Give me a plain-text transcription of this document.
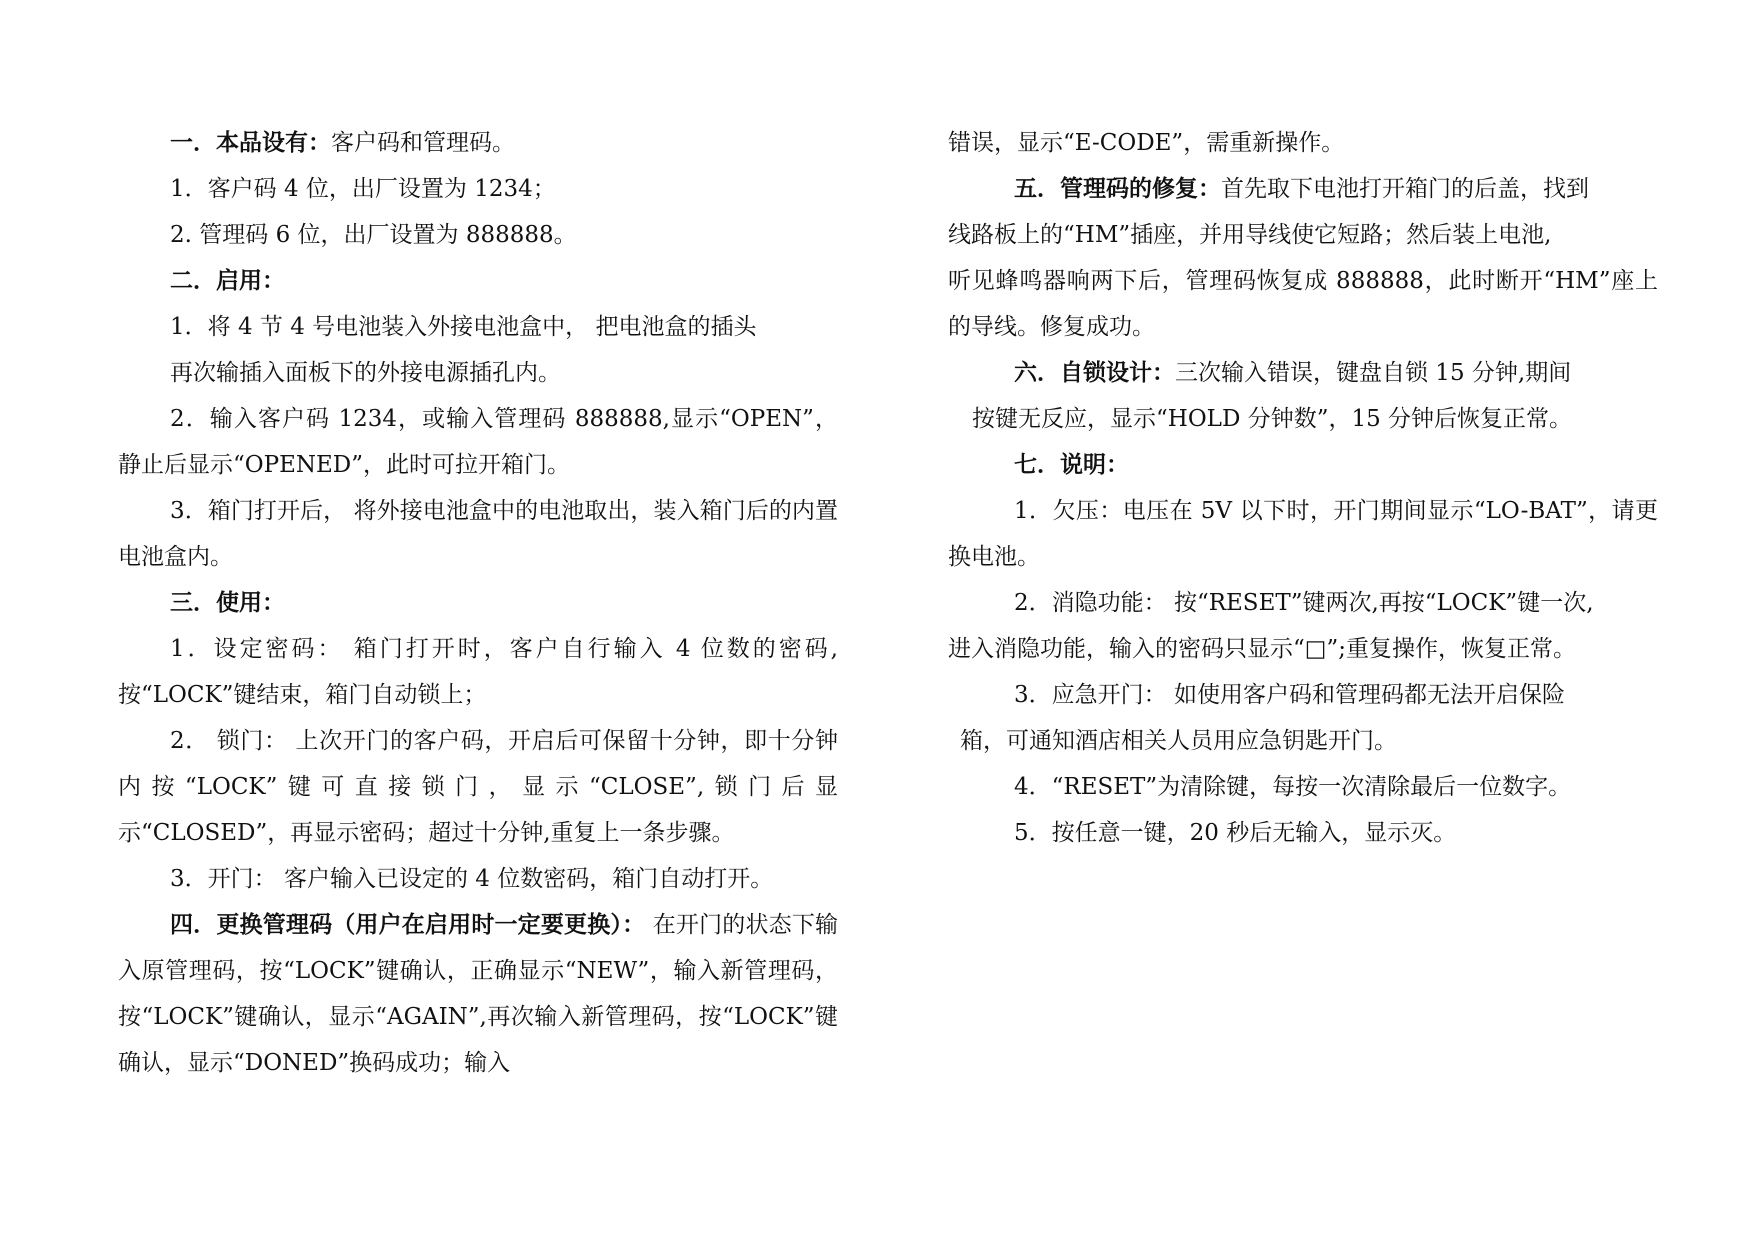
一．本品设有：客户码和管理码。

1．客户码 4 位，出厂设置为 1234；

2. 管理码 6 位，出厂设置为 888888。

二．启用：

1．将 4 节 4 号电池装入外接电池盒中， 把电池盒的插头

再次输插入面板下的外接电源插孔内。

2．输入客户码 1234，或输入管理码 888888,显示“OPEN”，静止后显示“OPENED”，此时可拉开箱门。

3．箱门打开后， 将外接电池盒中的电池取出，装入箱门后的内置电池盒内。

三．使用：

1．设定密码： 箱门打开时，客户自行输入 4 位数的密码,按“LOCK”键结束，箱门自动锁上；

2． 锁门： 上次开门的客户码，开启后可保留十分钟，即十分钟内按“LOCK”键可直接锁门，显示“CLOSE”,锁门后显示“CLOSED”，再显示密码；超过十分钟,重复上一条步骤。

3．开门： 客户输入已设定的 4 位数密码，箱门自动打开。

四．更换管理码（用户在启用时一定要更换）： 在开门的状态下输入原管理码，按“LOCK”键确认，正确显示“NEW”，输入新管理码，按“LOCK”键确认，显示“AGAIN”,再次输入新管理码，按“LOCK”键确认，显示“DONED”换码成功；输入

错误，显示“E-CODE”，需重新操作。

五．管理码的修复：首先取下电池打开箱门的后盖，找到

线路板上的“HM”插座，并用导线使它短路；然后装上电池,

听见蜂鸣器响两下后，管理码恢复成 888888，此时断开“HM”座上的导线。修复成功。

六．自锁设计：三次输入错误，键盘自锁 15 分钟,期间

按键无反应，显示“HOLD 分钟数”，15 分钟后恢复正常。

七．说明：

1．欠压：电压在 5V 以下时，开门期间显示“LO-BAT”，请更换电池。

2．消隐功能： 按“RESET”键两次,再按“LOCK”键一次,

进入消隐功能，输入的密码只显示“□”;重复操作，恢复正常。

3．应急开门： 如使用客户码和管理码都无法开启保险

箱，可通知酒店相关人员用应急钥匙开门。

4．“RESET”为清除键，每按一次清除最后一位数字。

5．按任意一键，20 秒后无输入，显示灭。
